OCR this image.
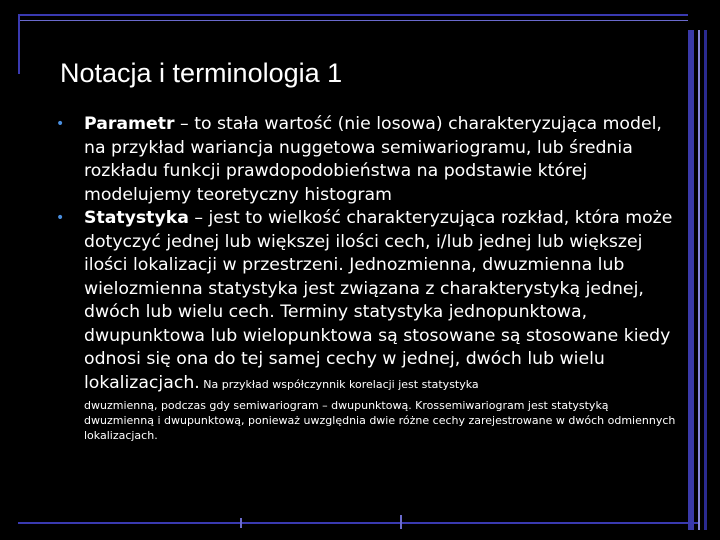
Notacja i terminologia 1
• Parametr – to stała wartość (nie losowa) charakteryzująca model, na przykład wariancja nuggetowa semiwariogramu, lub średnia rozkładu funkcji prawdopodobieństwa na podstawie której modelujemy teoretyczny histogram
• Statystyka – jest to wielkość charakteryzująca rozkład, która może dotyczyć jednej lub większej ilości cech, i/lub jednej lub większej ilości lokalizacji w przestrzeni. Jednozmienna, dwuzmienna lub wielozmienna statystyka jest związana z charakterystyką jednej, dwóch lub wielu cech. Terminy statystyka jednopunktowa, dwupunktowa lub wielopunktowa są stosowane są stosowane kiedy odnosi się ona do tej samej cechy w jednej, dwóch lub wielu lokalizacjach. Na przykład współczynnik korelacji jest statystyka
dwuzmienną, podczas gdy semiwariogram – dwupunktową. Krossemiwariogram jest statystyką dwuzmienną i dwupunktową, ponieważ uwzględnia dwie różne cechy zarejestrowane w dwóch odmiennych lokalizacjach.
